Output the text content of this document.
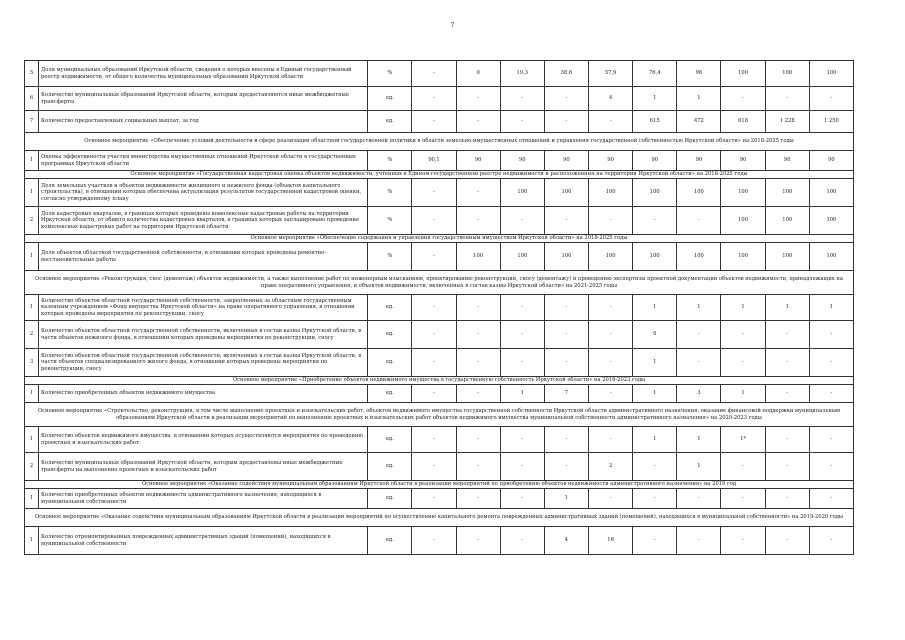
7
5	Доля муниципальных образований Иркутской области, сведения о которых внесены в Единый государственный реестр недвижимости, от общего количества муниципальных образований Иркутской области	%	-	0	19,3	38,6	57,9	76,4	96	100	100	100
6	Количество муниципальных образований Иркутской области, которым предоставляются иные межбюджетные трансферты	ед.	-	-	-	-	4	1	1	-	-	-
7	Количество предоставленных социальных выплат, за год	ед.	-	-	-	-	-	615	472	618	1 228	1 250
Основное мероприятие «Обеспечение условий деятельности в сфере реализации областной государственной политики в области земельно-имущественных отношений и управления государственной собственностью Иркутской области» на 2018-2025 годы												
1	Оценка эффективности участия министерства имущественных отношений Иркутской области в государственных программах Иркутской области	%	90,1	90	90	90	90	90	90	90	90	90
Основное мероприятие «Государственная кадастровая оценка объектов недвижимости, учтенных в Едином государственном реестре недвижимости и расположенных на территории Иркутской области» на 2018-2025 годы												
1	Доля земельных участков и объектов недвижимости жилищного и нежилого фонда (объектов капитального строительства), в отношении которых обеспечена актуализация результатов государственной кадастровой оценки, согласно утвержденному плану	%	-	-	100	100	100	100	100	100	100	100
2	Доля кадастровых кварталов, в границах которых проведены комплексные кадастровые работы на территории Иркутской области, от общего количества кадастровых кварталов, в границах которых запланировано проведение комплексных кадастровых работ на территории Иркутской области	%	-	-	-	-	-	-	-	100	100	100
Основное мероприятие «Обеспечение содержания и управления государственным имуществом Иркутской области» на 2018-2025 годы												
1	Доля объектов областной государственной собственности, в отношении которых проведены ремонтно-восстановительные работы	%	-	100	100	100	100	100	100	100	100	100
Основное мероприятие «Реконструкция, снос (демонтаж) объектов недвижимости, а также выполнение работ по инженерным изысканиям, проектированию реконструкции, сносу (демонтажу) и проведению экспертизы проектной документации объектов недвижимости, принадлежащих на праве оперативного управления, и объектов недвижимости, включенных в состав казны Иркутской области» на 2021-2025 годы												
1	Количество объектов областной государственной собственности, закрепленных за областным государственным казенным учреждением «Фонд имущества Иркутской области» на праве оперативного управления, в отношении которых проведены мероприятия по реконструкции, сносу	ед.	-	-	-	-	-	1	1	1	1	1
2	Количество объектов областной государственной собственности, включенных в состав казны Иркутской области, в части объектов нежилого фонда, в отношении которых проведены мероприятия по реконструкции, сносу	ед.	-	-	-	-	-	6	-	-	-	-
3	Количество объектов областной государственной собственности, включенных в состав казны Иркутской области, в части объектов специализированного жилого фонда, в отношении которых проведены мероприятия по реконструкции, сносу	ед.	-	-	-	-	-	1	-	-	-	-
Основное мероприятие «Приобретение объектов недвижимого имущества в государственную собственность Иркутской области» на 2018-2023 годы												
1	Количество приобретенных объектов недвижимого имущества	ед.	-	-	1	7	-	1	3	1	-	-
Основное мероприятие «Строительство, реконструкция, в том числе выполнение проектных и изыскательских работ, объектов недвижимого имущества государственной собственности Иркутской области административного назначения, оказание финансовой поддержки муниципальным образованиям Иркутской области в реализации мероприятий по выполнению проектных и изыскательских работ объектов недвижимого имущества муниципальной собственности административного назначения» на 2020-2023 годы												
1	Количество объектов недвижимого имущества, в отношении которых осуществляются мероприятия по проведению проектных и изыскательских работ	ед.	-	-	-	-	-	1	1	1*	-	-
2	Количество муниципальных образований Иркутской области, которым предоставлены иные межбюджетные трансферты на выполнение проектных и изыскательских работ	ед.	-	-	-	-	2	-	1	-	-	-
Основное мероприятие «Оказание содействия муниципальным образованиям Иркутской области в реализации мероприятий по приобретению объектов недвижимости административного назначения» на 2019 год												
1	Количество приобретенных объектов недвижимости административного назначения, находящихся в муниципальной собственности	ед.	-	-	-	1	-	-	-	-	-	-
Основное мероприятие «Оказание содействия муниципальным образованиям Иркутской области в реализации мероприятий по осуществлению капитального ремонта поврежденных административных зданий (помещений), находящихся в муниципальной собственности» на 2019-2020 годы												
1	Количество отремонтированных поврежденных административных зданий (помещений), находящихся в муниципальной собственности	ед.	-	-	-	4	16	-	-	-	-	-
